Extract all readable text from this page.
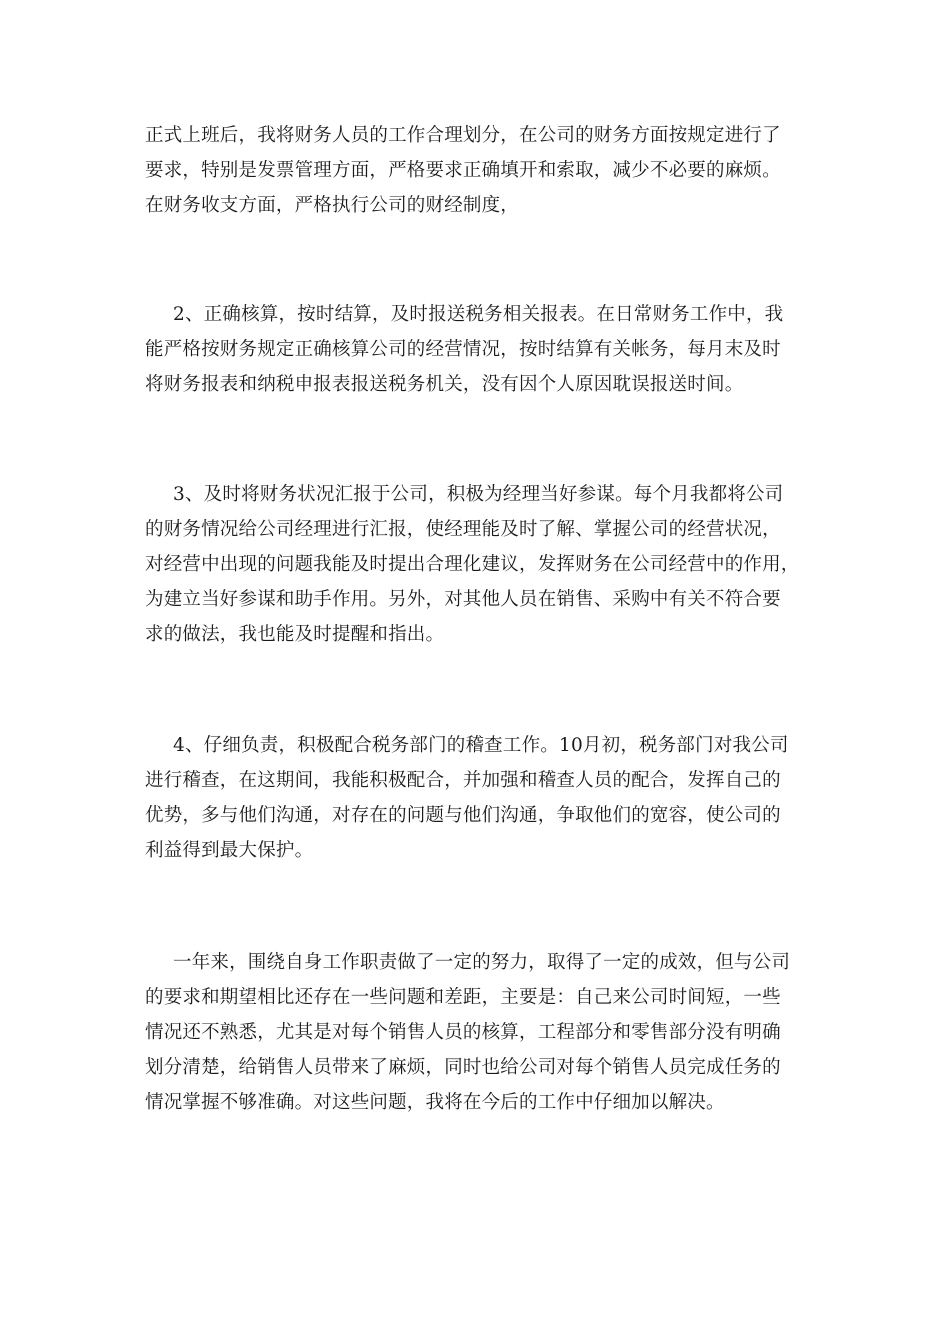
正式上班后，我将财务人员的工作合理划分，在公司的财务方面按规定进行了
要求，特别是发票管理方面，严格要求正确填开和索取，减少不必要的麻烦。
在财务收支方面，严格执行公司的财经制度，

2、正确核算，按时结算，及时报送税务相关报表。在日常财务工作中，我
能严格按财务规定正确核算公司的经营情况，按时结算有关帐务，每月末及时
将财务报表和纳税申报表报送税务机关，没有因个人原因耽误报送时间。

3、及时将财务状况汇报于公司，积极为经理当好参谋。每个月我都将公司
的财务情况给公司经理进行汇报，使经理能及时了解、掌握公司的经营状况，
对经营中出现的问题我能及时提出合理化建议，发挥财务在公司经营中的作用，
为建立当好参谋和助手作用。另外，对其他人员在销售、采购中有关不符合要
求的做法，我也能及时提醒和指出。

4、仔细负责，积极配合税务部门的稽查工作。10月初，税务部门对我公司
进行稽查，在这期间，我能积极配合，并加强和稽查人员的配合，发挥自己的
优势，多与他们沟通，对存在的问题与他们沟通，争取他们的宽容，使公司的
利益得到最大保护。

一年来，围绕自身工作职责做了一定的努力，取得了一定的成效，但与公司
的要求和期望相比还存在一些问题和差距，主要是：自己来公司时间短，一些
情况还不熟悉，尤其是对每个销售人员的核算，工程部分和零售部分没有明确
划分清楚，给销售人员带来了麻烦，同时也给公司对每个销售人员完成任务的
情况掌握不够准确。对这些问题，我将在今后的工作中仔细加以解决。
